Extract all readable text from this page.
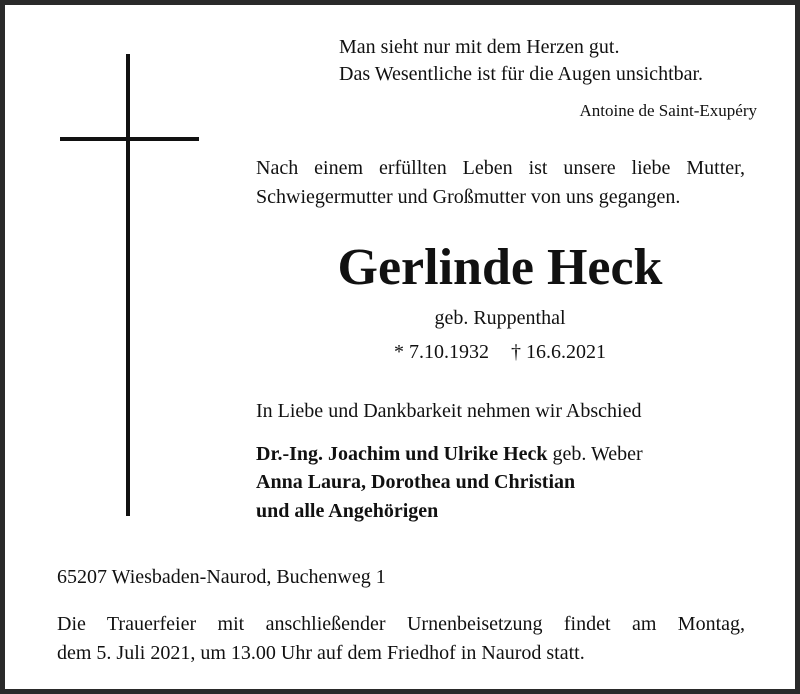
Man sieht nur mit dem Herzen gut.
Das Wesentliche ist für die Augen unsichtbar.
Antoine de Saint-Exupéry
Nach einem erfüllten Leben ist unsere liebe Mutter,
Schwiegermutter und Großmutter von uns gegangen.
Gerlinde Heck
geb. Ruppenthal
* 7.10.1932 † 16.6.2021
In Liebe und Dankbarkeit nehmen wir Abschied
Dr.-Ing. Joachim und Ulrike Heck geb. Weber
Anna Laura, Dorothea und Christian
und alle Angehörigen
65207 Wiesbaden-Naurod, Buchenweg 1
Die Trauerfeier mit anschließender Urnenbeisetzung findet am Montag,
dem 5. Juli 2021, um 13.00 Uhr auf dem Friedhof in Naurod statt.
